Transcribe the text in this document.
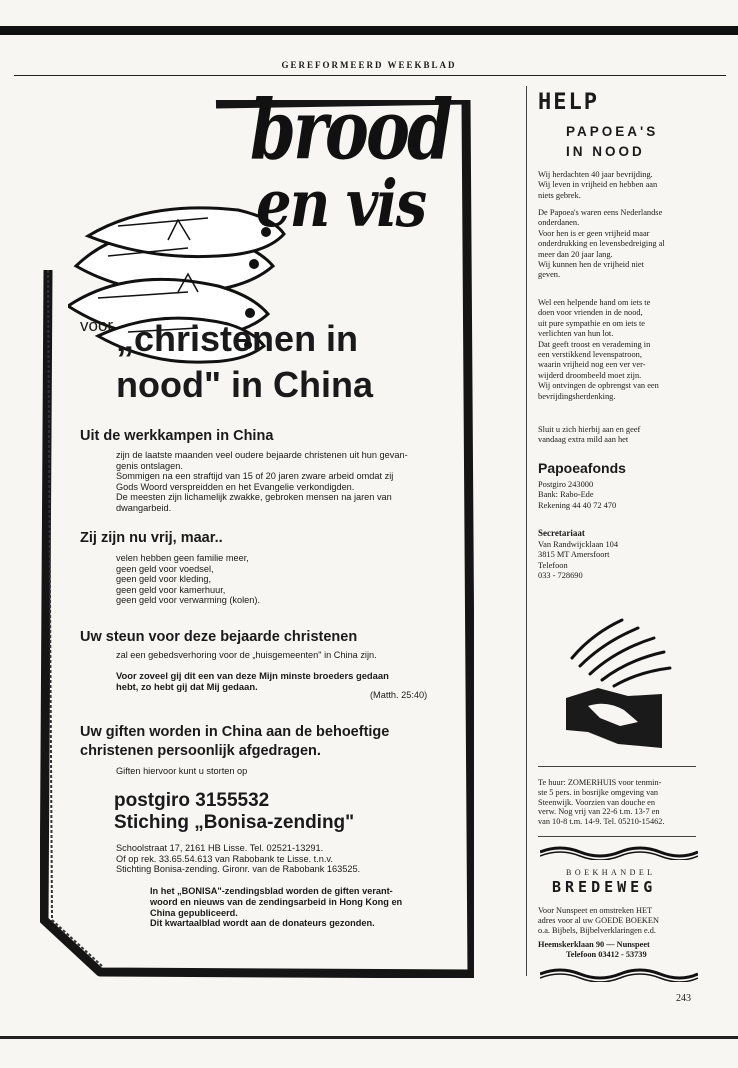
GEREFORMEERD WEEKBLAD
brood
en vis
voor „christenen in
nood" in China
Uit de werkkampen in China
zijn de laatste maanden veel oudere bejaarde christenen uit hun gevan-
genis ontslagen.
Sommigen na een straftijd van 15 of 20 jaren zware arbeid omdat zij
Gods Woord verspreidden en het Evangelie verkondigden.
De meesten zijn lichamelijk zwakke, gebroken mensen na jaren van
dwangarbeid.
Zij zijn nu vrij, maar..
velen hebben geen familie meer,
geen geld voor voedsel,
geen geld voor kleding,
geen geld voor kamerhuur,
geen geld voor verwarming (kolen).
Uw steun voor deze bejaarde christenen
zal een gebedsverhoring voor de „huisgemeenten" in China zijn.
Voor zoveel gij dit een van deze Mijn minste broeders gedaan
hebt, zo hebt gij dat Mij gedaan.
(Matth. 25:40)
Uw giften worden in China aan de behoeftige
christenen persoonlijk afgedragen.
Giften hiervoor kunt u storten op
postgiro 3155532
Stiching „Bonisa-zending"
Schoolstraat 17, 2161 HB Lisse. Tel. 02521-13291.
Of op rek. 33.65.54.613 van Rabobank te Lisse. t.n.v.
Stichting Bonisa-zending. Gironr. van de Rabobank 163525.
In het „BONISA"-zendingsblad worden de giften verant-
woord en nieuws van de zendingsarbeid in Hong Kong en
China gepubliceerd.
Dit kwartaalblad wordt aan de donateurs gezonden.
HELP
PAPOEA'S
IN NOOD
Wij herdachten 40 jaar bevrijding.
Wij leven in vrijheid en hebben aan
niets gebrek.
De Papoea's waren eens Nederlandse
onderdanen.
Voor hen is er geen vrijheid maar
onderdrukking en levensbedreiging al
meer dan 20 jaar lang.
Wij kunnen hen de vrijheid niet
geven.
Wel een helpende hand om iets te
doen voor vrienden in de nood,
uit pure sympathie en om iets te
verlichten van hun lot.
Dat geeft troost en verademing in
een verstikkend levenspatroon,
waarin vrijheid nog een ver ver-
wijderd droombeeld moet zijn.
Wij ontvingen de opbrengst van een
bevrijdingsherdenking.
Sluit u zich hierbij aan en geef
vandaag extra mild aan het
Papoeafonds
Postgiro 243000
Bank: Rabo-Ede
Rekening 44 40 72 470
Secretariaat
Van Randwijcklaan 104
3815 MT Amersfoort
Telefoon
033 - 728690
Te huur: ZOMERHUIS voor tenmin-
ste 5 pers. in bosrijke omgeving van
Steenwijk. Voorzien van douche en
verw. Nog vrij van 22-6 t.m. 13-7 en
van 10-8 t.m. 14-9. Tel. 05210-15462.
BOEKHANDEL
BREDEWEG
Voor Nunspeet en omstreken HET
adres voor al uw GOEDE BOEKEN
o.a. Bijbels, Bijbelverklaringen e.d.
Heemskerklaan 90 — Nunspeet
Telefoon 03412 - 53739
243
